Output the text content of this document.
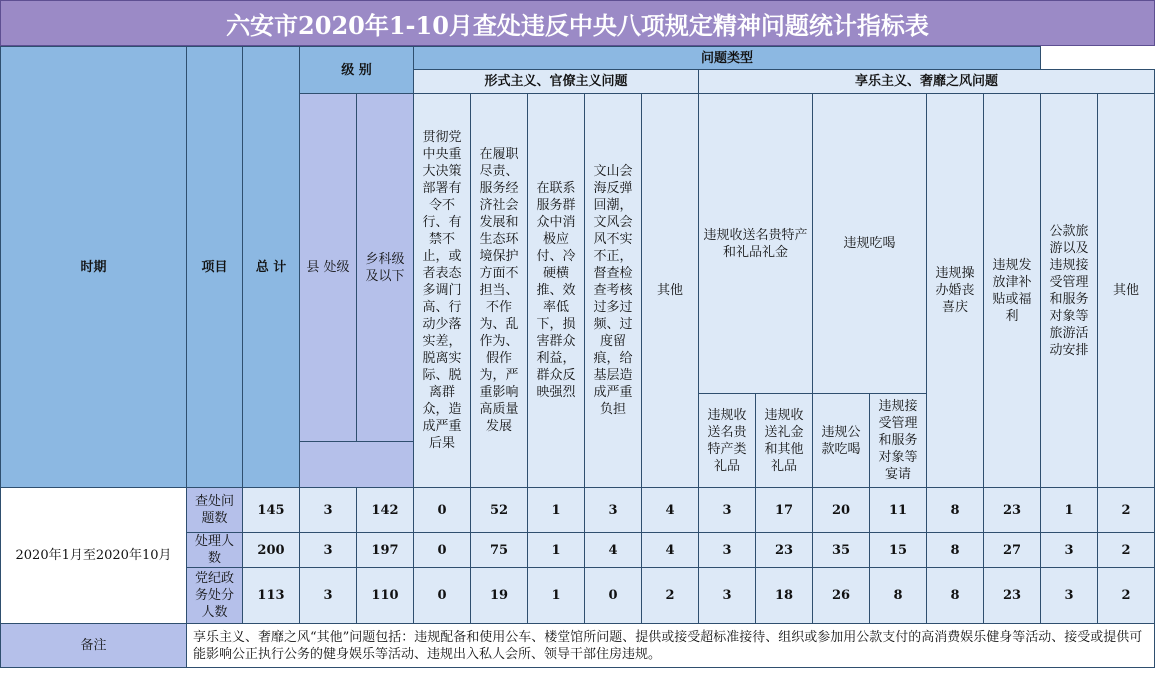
六安市2020年1-10月查处违反中央八项规定精神问题统计指标表
时期	项目	总 计	级 别		问题类型												
					形式主义、官僚主义问题					享乐主义、奢靡之风问题							
			县 处级	乡科级及以下	贯彻党中央重大决策部署有令不行、有禁不止，或者表态多调门高、行动少落实差，脱离实际、脱离群众，造成严重后果	在履职尽责、服务经济社会发展和生态环境保护方面不担当、不作为、乱作为、假作为，严重影响高质量发展	在联系服务群众中消极应付、冷硬横推、效率低下，损害群众利益，群众反映强烈	文山会海反弹回潮，文风会风不实不正，督查检查考核过多过频、过度留痕，给基层造成严重负担	其他	违规收送名贵特产和礼品礼金		违规吃喝		违规操办婚丧喜庆	违规发放津补贴或福利	公款旅游以及违规接受管理和服务对象等旅游活动安排	其他
										违规收送名贵特产类礼品	违规收送礼金和其他礼品	违规公款吃喝	违规接受管理和服务对象等宴请				

2020年1月至2020年10月	查处问题数	145	3	142	0	52	1	3	4	3	17	20	11	8	23	1	2
	处理人数	200	3	197	0	75	1	4	4	3	23	35	15	8	27	3	2
	党纪政务处分人数	113	3	110	0	19	1	0	2	3	18	26	8	8	23	3	2
备注	享乐主义、奢靡之风“其他”问题包括：违规配备和使用公车、楼堂馆所问题、提供或接受超标准接待、组织或参加用公款支付的高消费娱乐健身等活动、接受或提供可能影响公正执行公务的健身娱乐等活动、违规出入私人会所、领导干部住房违规。																
